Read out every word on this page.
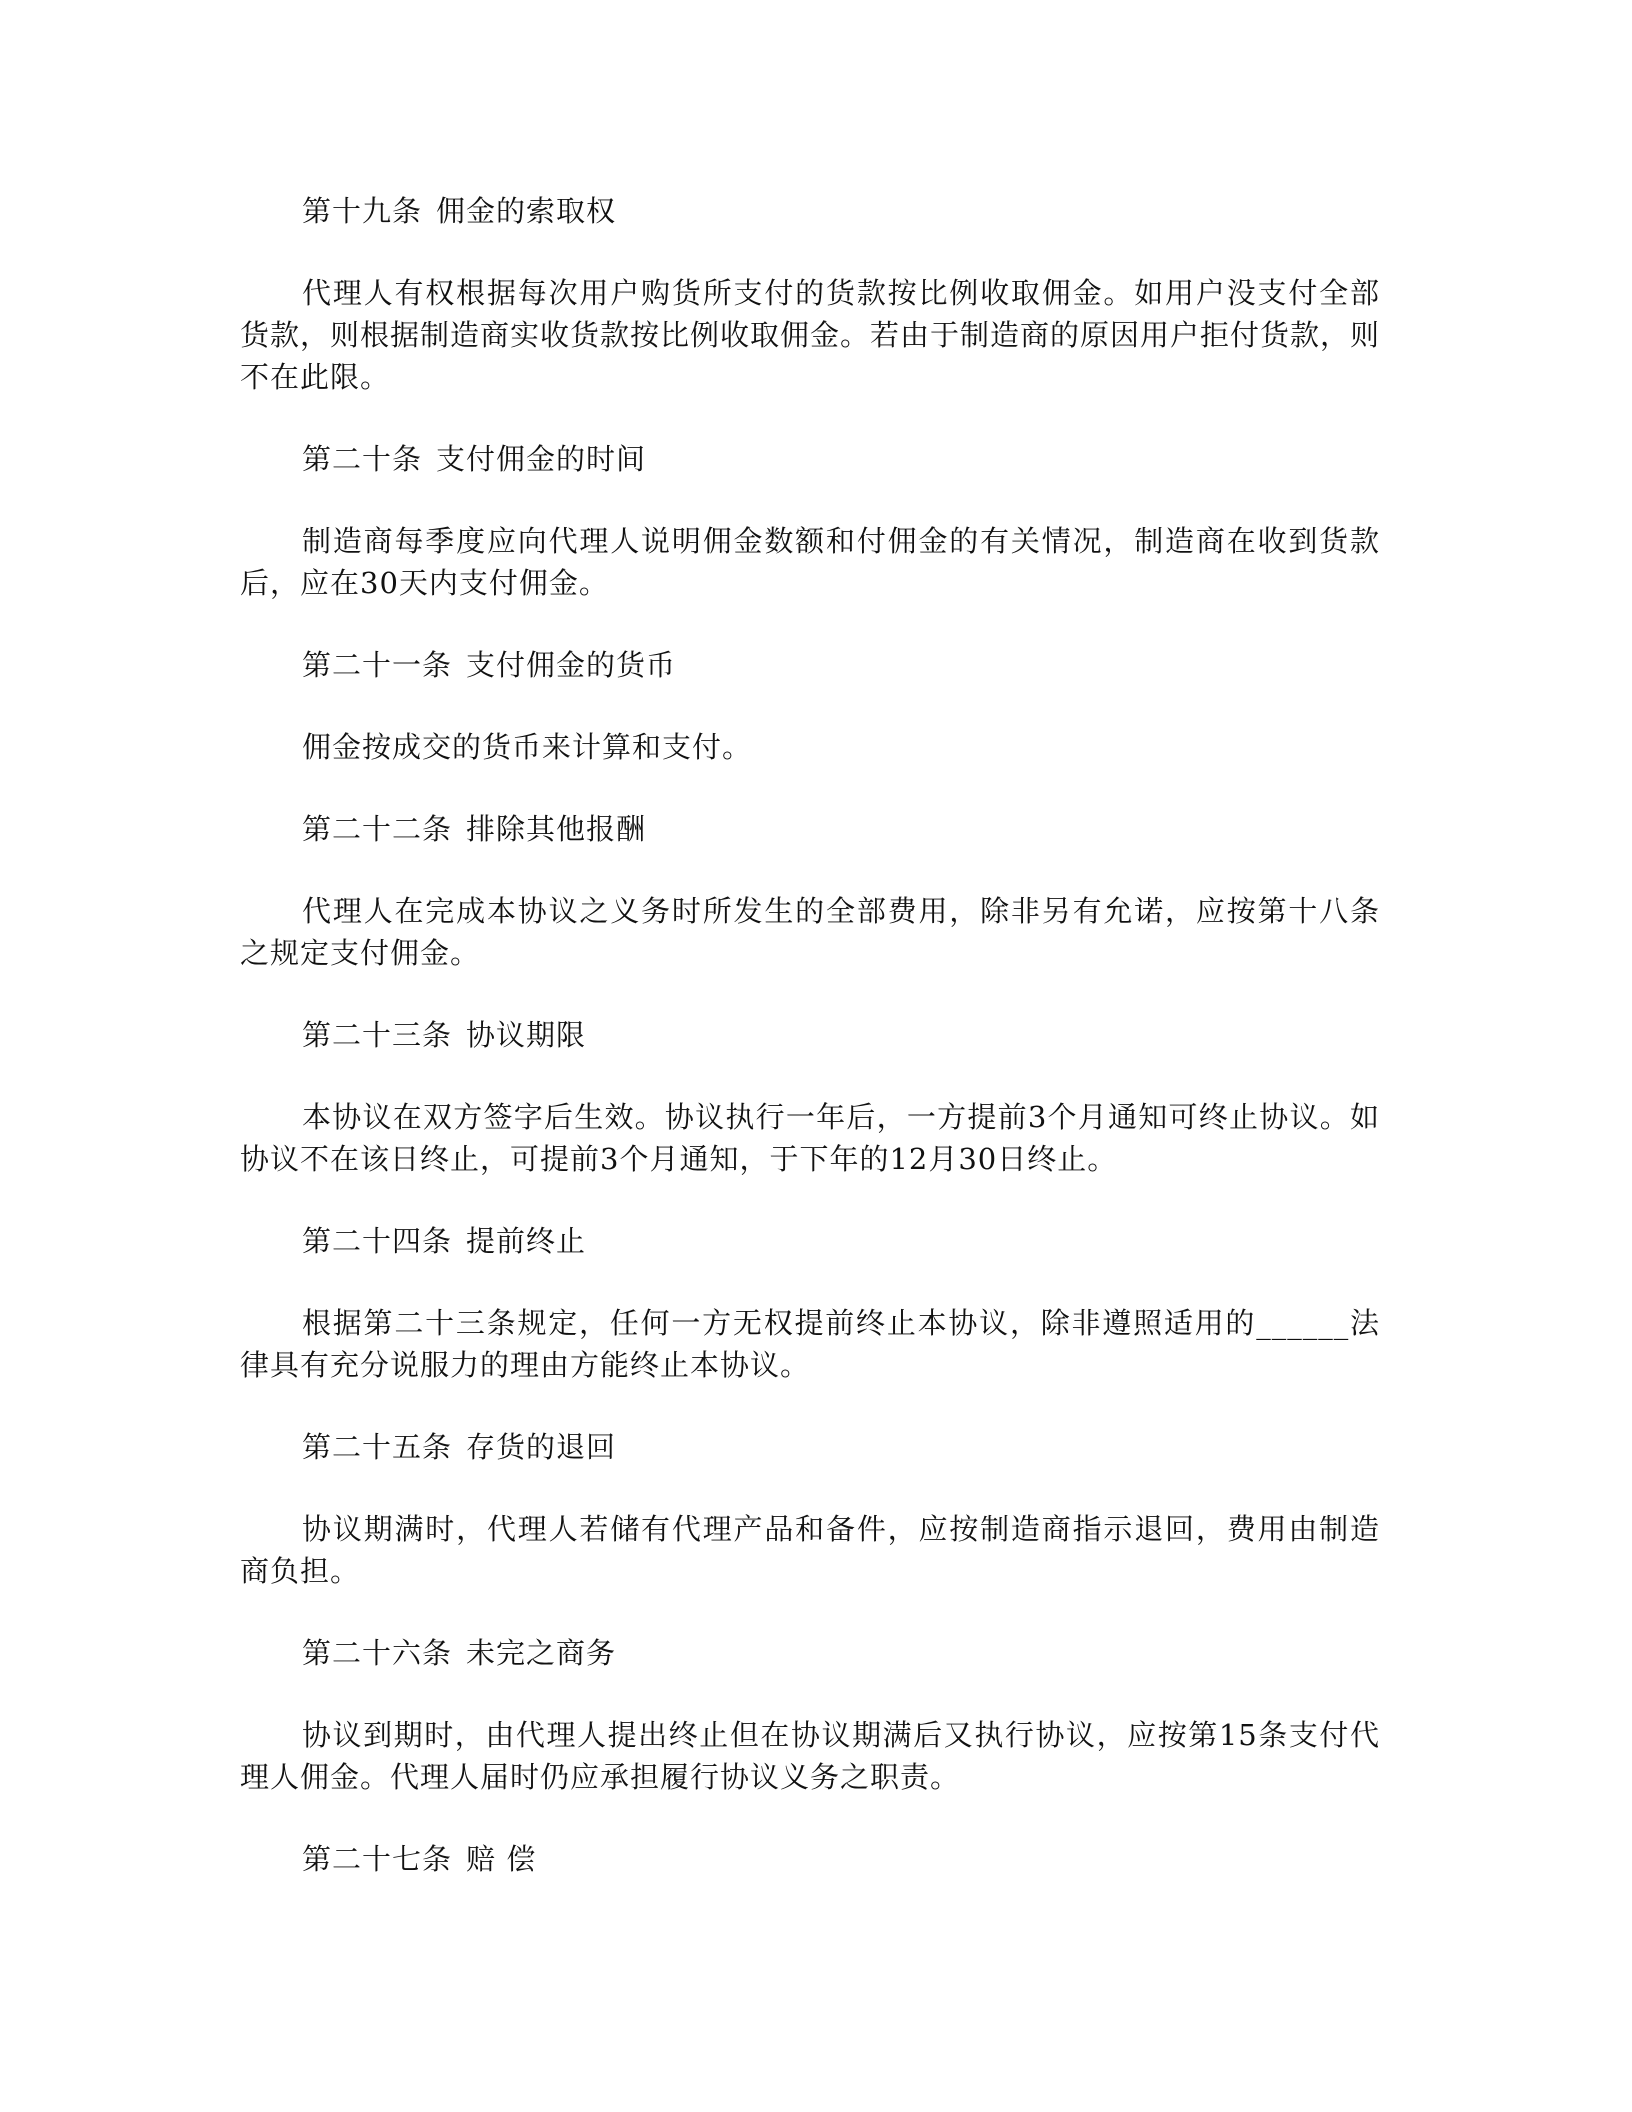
第十九条 佣金的索取权

代理人有权根据每次用户购货所支付的货款按比例收取佣金。如用户没支付全部货款，则根据制造商实收货款按比例收取佣金。若由于制造商的原因用户拒付货款，则不在此限。

第二十条 支付佣金的时间

制造商每季度应向代理人说明佣金数额和付佣金的有关情况，制造商在收到货款后，应在30天内支付佣金。

第二十一条 支付佣金的货币

佣金按成交的货币来计算和支付。

第二十二条 排除其他报酬

代理人在完成本协议之义务时所发生的全部费用，除非另有允诺，应按第十八条之规定支付佣金。

第二十三条 协议期限

本协议在双方签字后生效。协议执行一年后，一方提前3个月通知可终止协议。如协议不在该日终止，可提前3个月通知，于下年的12月30日终止。

第二十四条 提前终止

根据第二十三条规定，任何一方无权提前终止本协议，除非遵照适用的______法律具有充分说服力的理由方能终止本协议。

第二十五条 存货的退回

协议期满时，代理人若储有代理产品和备件，应按制造商指示退回，费用由制造商负担。

第二十六条 未完之商务

协议到期时，由代理人提出终止但在协议期满后又执行协议，应按第15条支付代理人佣金。代理人届时仍应承担履行协议义务之职责。

第二十七条 赔 偿
